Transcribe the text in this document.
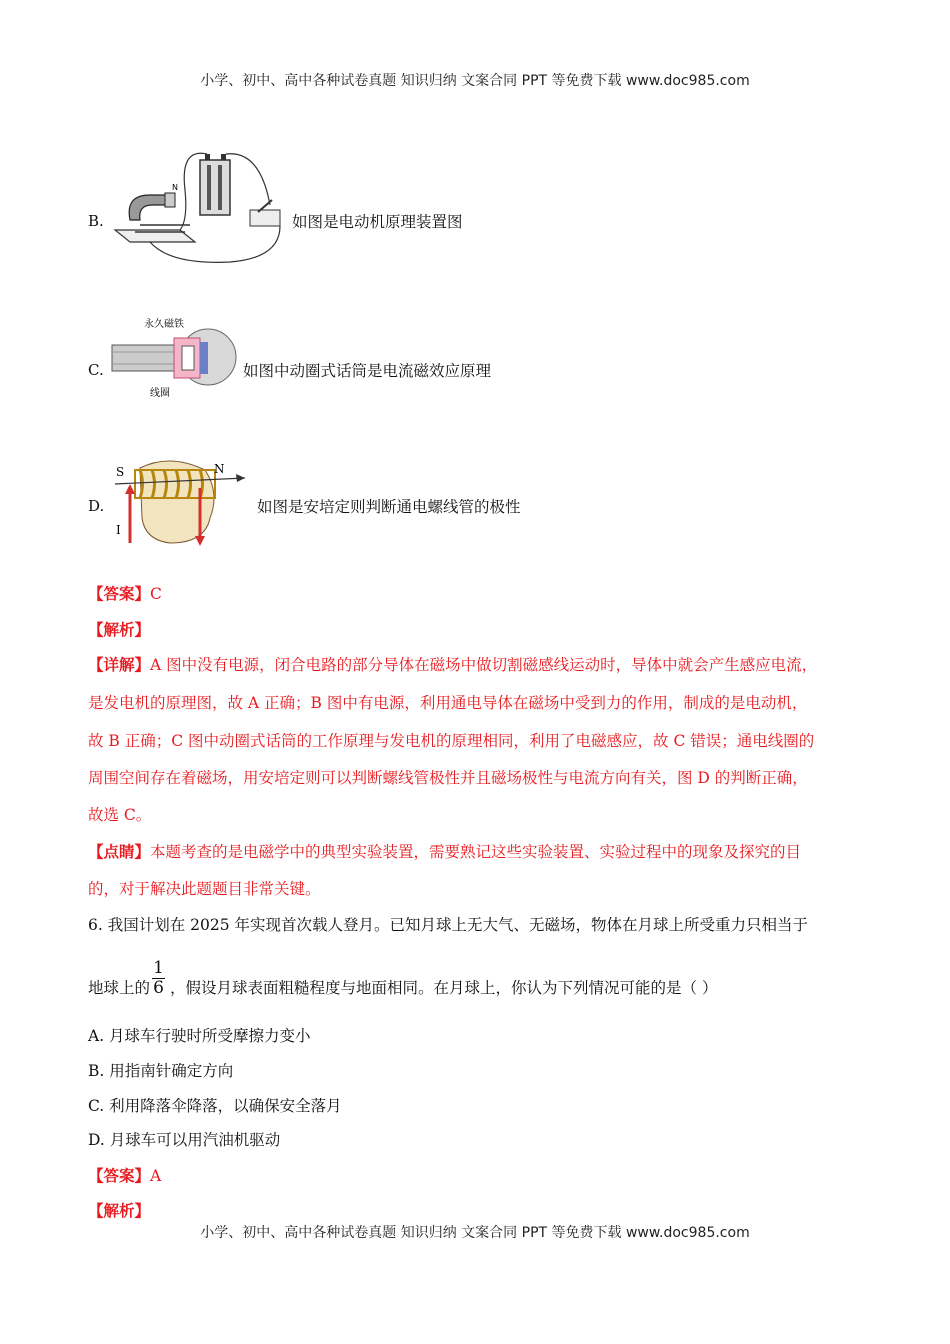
小学、初中、高中各种试卷真题 知识归纳 文案合同 PPT 等免费下载 www.doc985.com
B.
N
如图是电动机原理装置图
C.
永久磁铁
线圈
如图中动圈式话筒是电流磁效应原理
D.
S	N
I
如图是安培定则判断通电螺线管的极性
【答案】C
【解析】
【详解】A 图中没有电源，闭合电路的部分导体在磁场中做切割磁感线运动时，导体中就会产生感应电流，
是发电机的原理图，故 A 正确；B 图中有电源，利用通电导体在磁场中受到力的作用，制成的是电动机，
故 B 正确；C 图中动圈式话筒的工作原理与发电机的原理相同，利用了电磁感应，故 C 错误；通电线圈的
周围空间存在着磁场，用安培定则可以判断螺线管极性并且磁场极性与电流方向有关，图 D 的判断正确，
故选 C。
【点睛】本题考查的是电磁学中的典型实验装置，需要熟记这些实验装置、实验过程中的现象及探究的目
的，对于解决此题题目非常关键。
6. 我国计划在 2025 年实现首次载人登月。已知月球上无大气、无磁场，物体在月球上所受重力只相当于
地球上的 ，假设月球表面粗糙程度与地面相同。在月球上，你认为下列情况可能的是（ ）
1
6
A. 月球车行驶时所受摩擦力变小
B. 用指南针确定方向
C. 利用降落伞降落，以确保安全落月
D. 月球车可以用汽油机驱动
【答案】A
【解析】
小学、初中、高中各种试卷真题 知识归纳 文案合同 PPT 等免费下载 www.doc985.com
